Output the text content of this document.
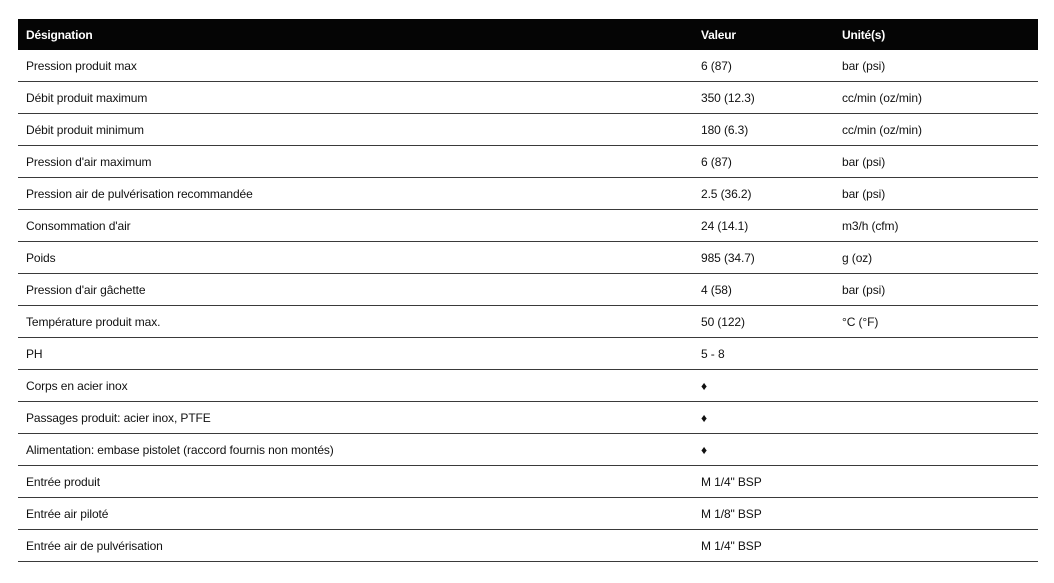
Désignation	Valeur	Unité(s)
Pression produit max	6 (87)	bar (psi)
Débit produit maximum	350 (12.3)	cc/min (oz/min)
Débit produit minimum	180 (6.3)	cc/min (oz/min)
Pression d'air maximum	6 (87)	bar (psi)
Pression air de pulvérisation recommandée	2.5 (36.2)	bar (psi)
Consommation d'air	24 (14.1)	m3/h (cfm)
Poids	985 (34.7)	g (oz)
Pression d'air gâchette	4 (58)	bar (psi)
Température produit max.	50 (122)	°C (°F)
PH	5 - 8	
Corps en acier inox	♦	
Passages produit: acier inox, PTFE	♦	
Alimentation: embase pistolet (raccord fournis non montés)	♦	
Entrée produit	M 1/4" BSP	
Entrée air piloté	M 1/8" BSP	
Entrée air de pulvérisation	M 1/4" BSP	
